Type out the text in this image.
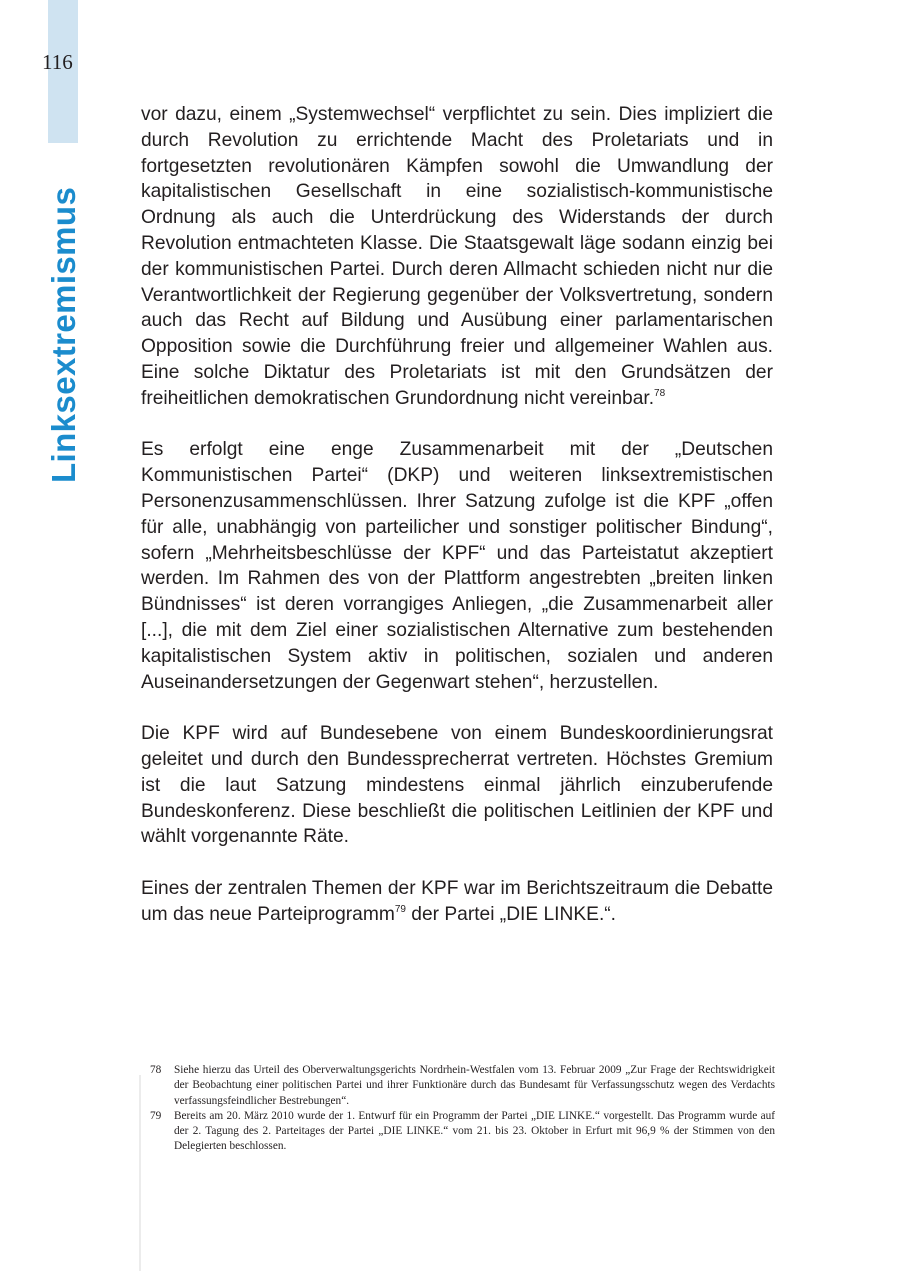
116
Linksextremismus

vor dazu, einem „Systemwechsel“ verpflichtet zu sein. Dies impliziert die durch Revolution zu errichtende Macht des Proletariats und in fortgesetzten revolutionären Kämpfen sowohl die Umwandlung der kapitalistischen Gesellschaft in eine sozialistisch-kommunistische Ordnung als auch die Unterdrückung des Widerstands der durch Revolution entmachteten Klasse. Die Staatsgewalt läge sodann einzig bei der kommunistischen Partei. Durch deren Allmacht schieden nicht nur die Verantwortlichkeit der Regierung gegenüber der Volksvertretung, sondern auch das Recht auf Bildung und Ausübung einer parlamentarischen Opposition sowie die Durchführung freier und allgemeiner Wahlen aus. Eine solche Diktatur des Proletariats ist mit den Grundsätzen der freiheitlichen demokratischen Grundordnung nicht vereinbar.$^{78}$

Es erfolgt eine enge Zusammenarbeit mit der „Deutschen Kommunistischen Partei“ (DKP) und weiteren linksextremistischen Personenzusammenschlüssen. Ihrer Satzung zufolge ist die KPF „offen für alle, unabhängig von parteilicher und sonstiger politischer Bindung“, sofern „Mehrheitsbeschlüsse der KPF“ und das Parteistatut akzeptiert werden. Im Rahmen des von der Plattform angestrebten „breiten linken Bündnisses“ ist deren vorrangiges Anliegen, „die Zusammenarbeit aller [...], die mit dem Ziel einer sozialistischen Alternative zum bestehenden kapitalistischen System aktiv in politischen, sozialen und anderen Auseinandersetzungen der Gegenwart stehen“, herzustellen.

Die KPF wird auf Bundesebene von einem Bundeskoordinierungsrat geleitet und durch den Bundessprecherrat vertreten. Höchstes Gremium ist die laut Satzung mindestens einmal jährlich einzuberufende Bundeskonferenz. Diese beschließt die politischen Leitlinien der KPF und wählt vorgenannte Räte.

Eines der zentralen Themen der KPF war im Berichtszeitraum die Debatte um das neue Parteiprogramm$^{79}$ der Partei „DIE LINKE.“.

78	Siehe hierzu das Urteil des Oberverwaltungsgerichts Nordrhein-Westfalen vom 13. Februar 2009 „Zur Frage der Rechtswidrigkeit der Beobachtung einer politischen Partei und ihrer Funktionäre durch das Bundesamt für Verfassungsschutz wegen des Verdachts verfassungsfeindlicher Bestrebungen“.
79	Bereits am 20. März 2010 wurde der 1. Entwurf für ein Programm der Partei „DIE LINKE.“ vorgestellt. Das Programm wurde auf der 2. Tagung des 2. Parteitages der Partei „DIE LINKE.“ vom 21. bis 23. Oktober in Erfurt mit 96,9 % der Stimmen von den Delegierten beschlossen.
